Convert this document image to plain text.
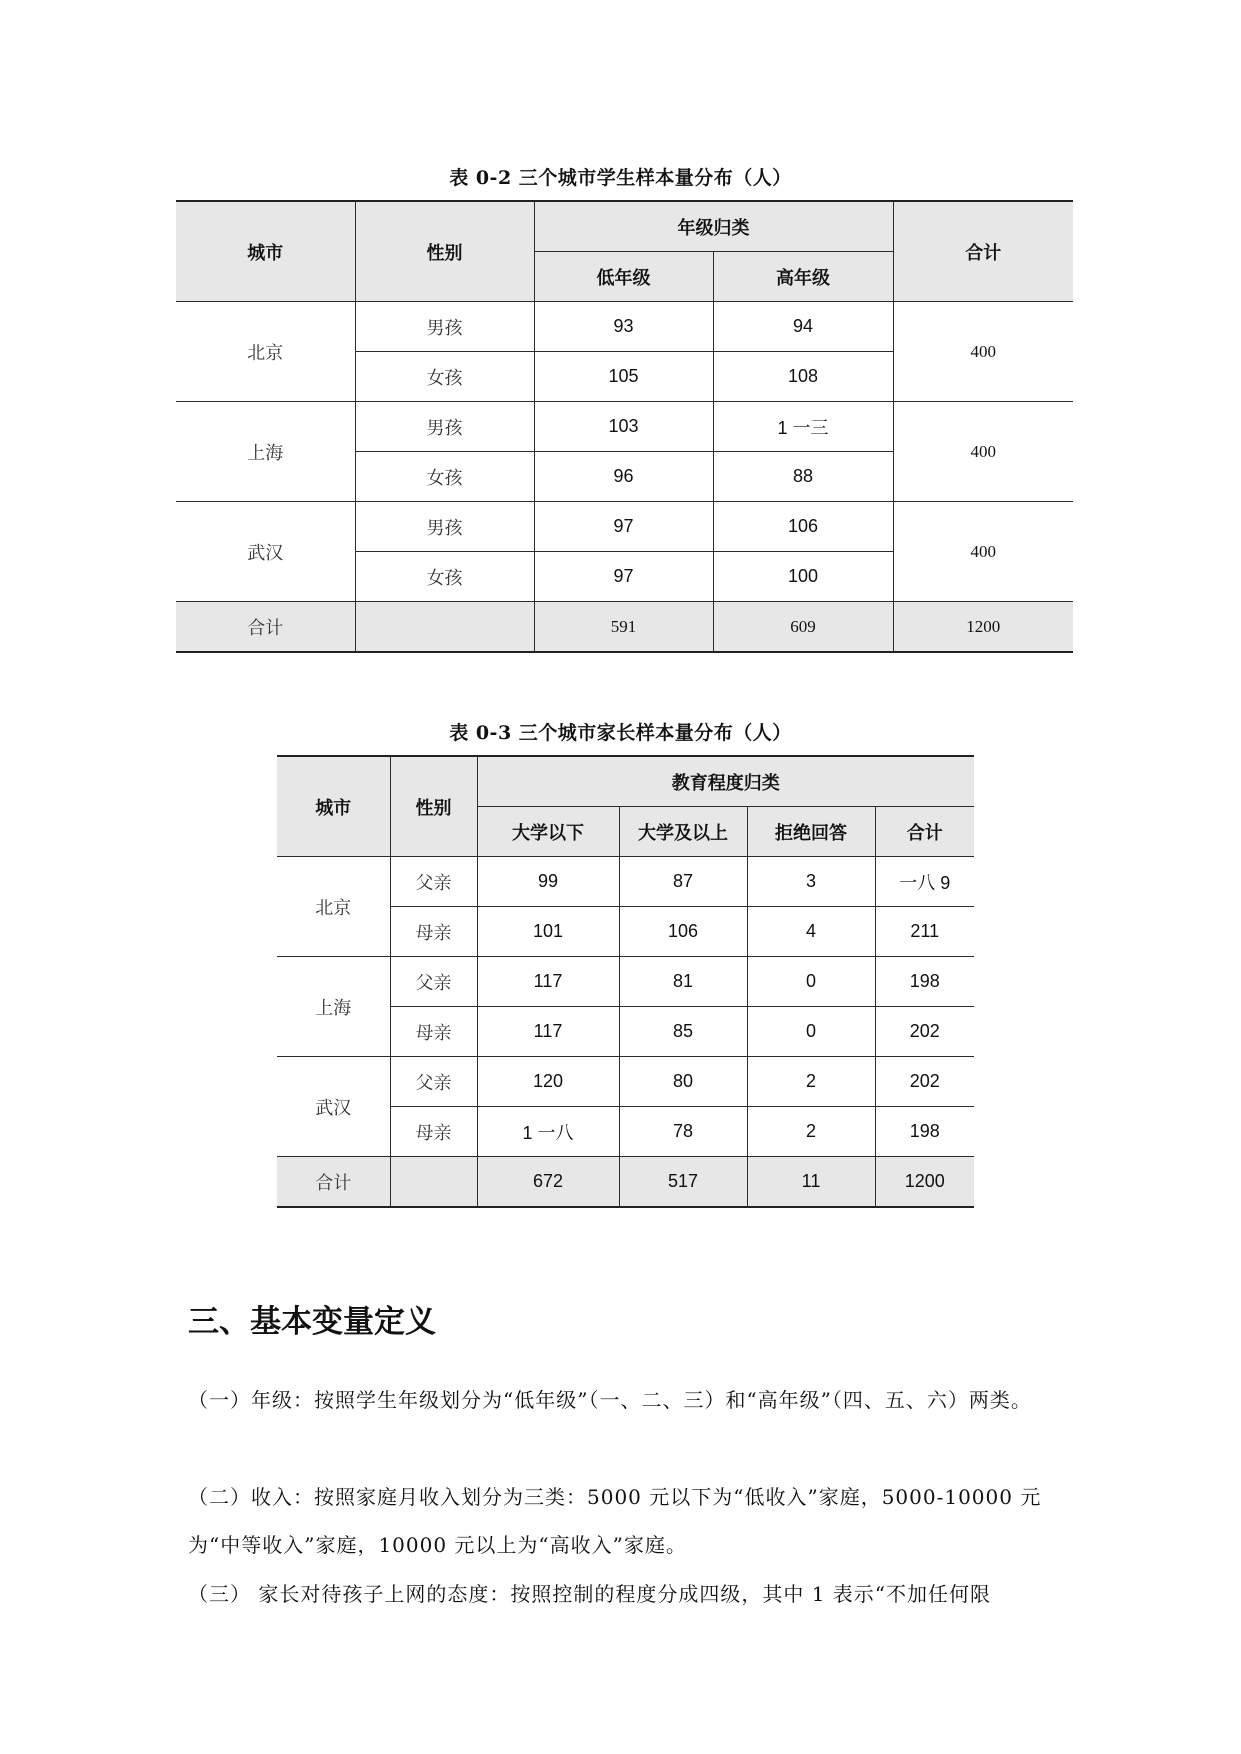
表 0-2 三个城市学生样本量分布（人）
城市	性别	年级归类		合计
		低年级	高年级	
北京	男孩	93	94	400
	女孩	105	108	
上海	男孩	103	1 一三	400
	女孩	96	88	
武汉	男孩	97	106	400
	女孩	97	100	
合计		591	609	1200
表 0-3 三个城市家长样本量分布（人）
城市	性别	教育程度归类			
		大学以下	大学及以上	拒绝回答	合计
北京	父亲	99	87	3	一八 9
	母亲	101	106	4	211
上海	父亲	117	81	0	198
	母亲	117	85	0	202
武汉	父亲	120	80	2	202
	母亲	1 一八	78	2	198
合计		672	517	11	1200
三、基本变量定义
（一）年级：按照学生年级划分为“低年级”（一、二、三）和“高年级”（四、五、六）两类。
（二）收入：按照家庭月收入划分为三类：5000 元以下为“低收入”家庭，5000-10000 元为“中等收入”家庭，10000 元以上为“高收入”家庭。
（三） 家长对待孩子上网的态度：按照控制的程度分成四级，其中 1 表示“不加任何限
